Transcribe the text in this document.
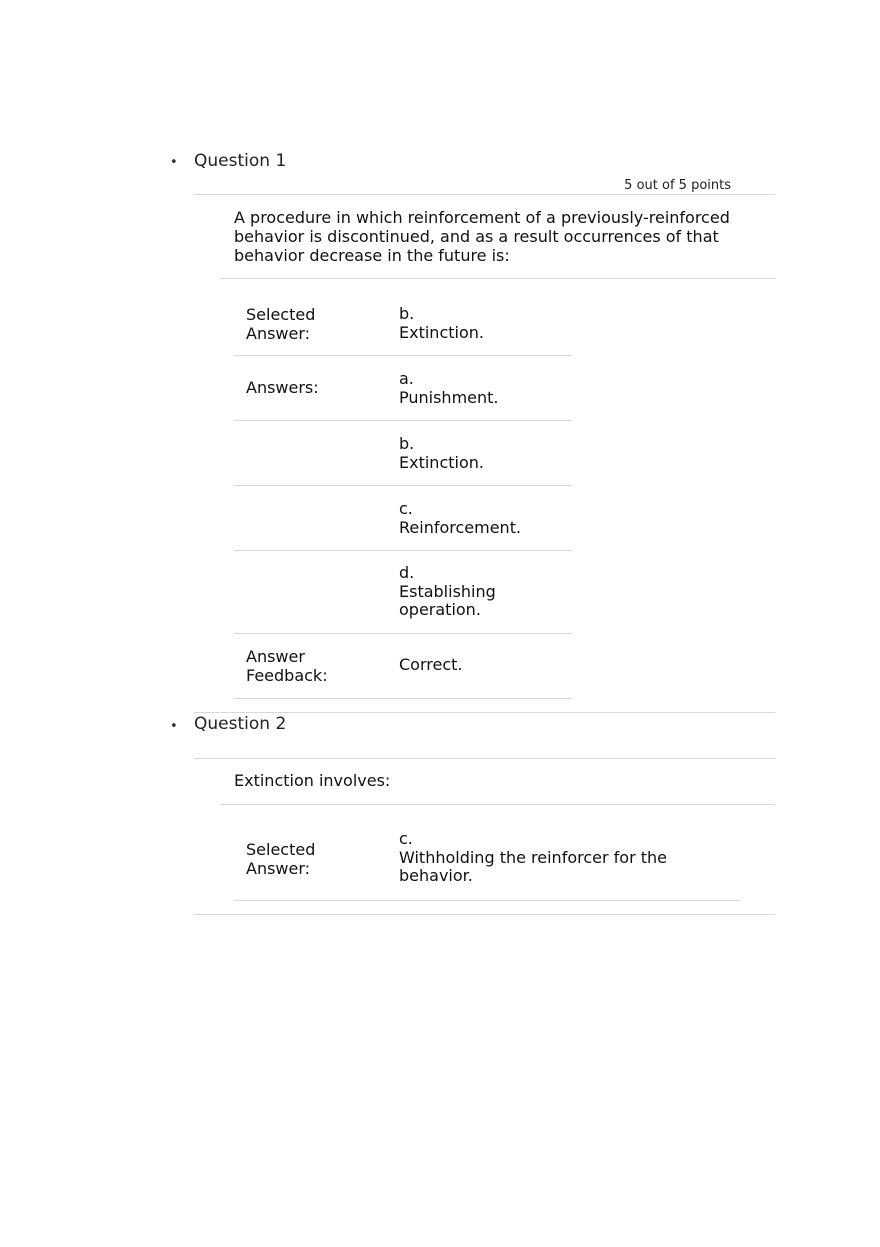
• Question 1
5 out of 5 points
A procedure in which reinforcement of a previously-reinforced behavior is discontinued, and as a result occurrences of that behavior decrease in the future is:
Selected
Answer:
b.
Extinction.
Answers:	a.
Punishment.
b.
Extinction.
c.
Reinforcement.
d.
Establishing
operation.
Answer
Feedback:
Correct.
• Question 2
Extinction involves:
Selected
Answer:
c.
Withholding the reinforcer for the
behavior.
